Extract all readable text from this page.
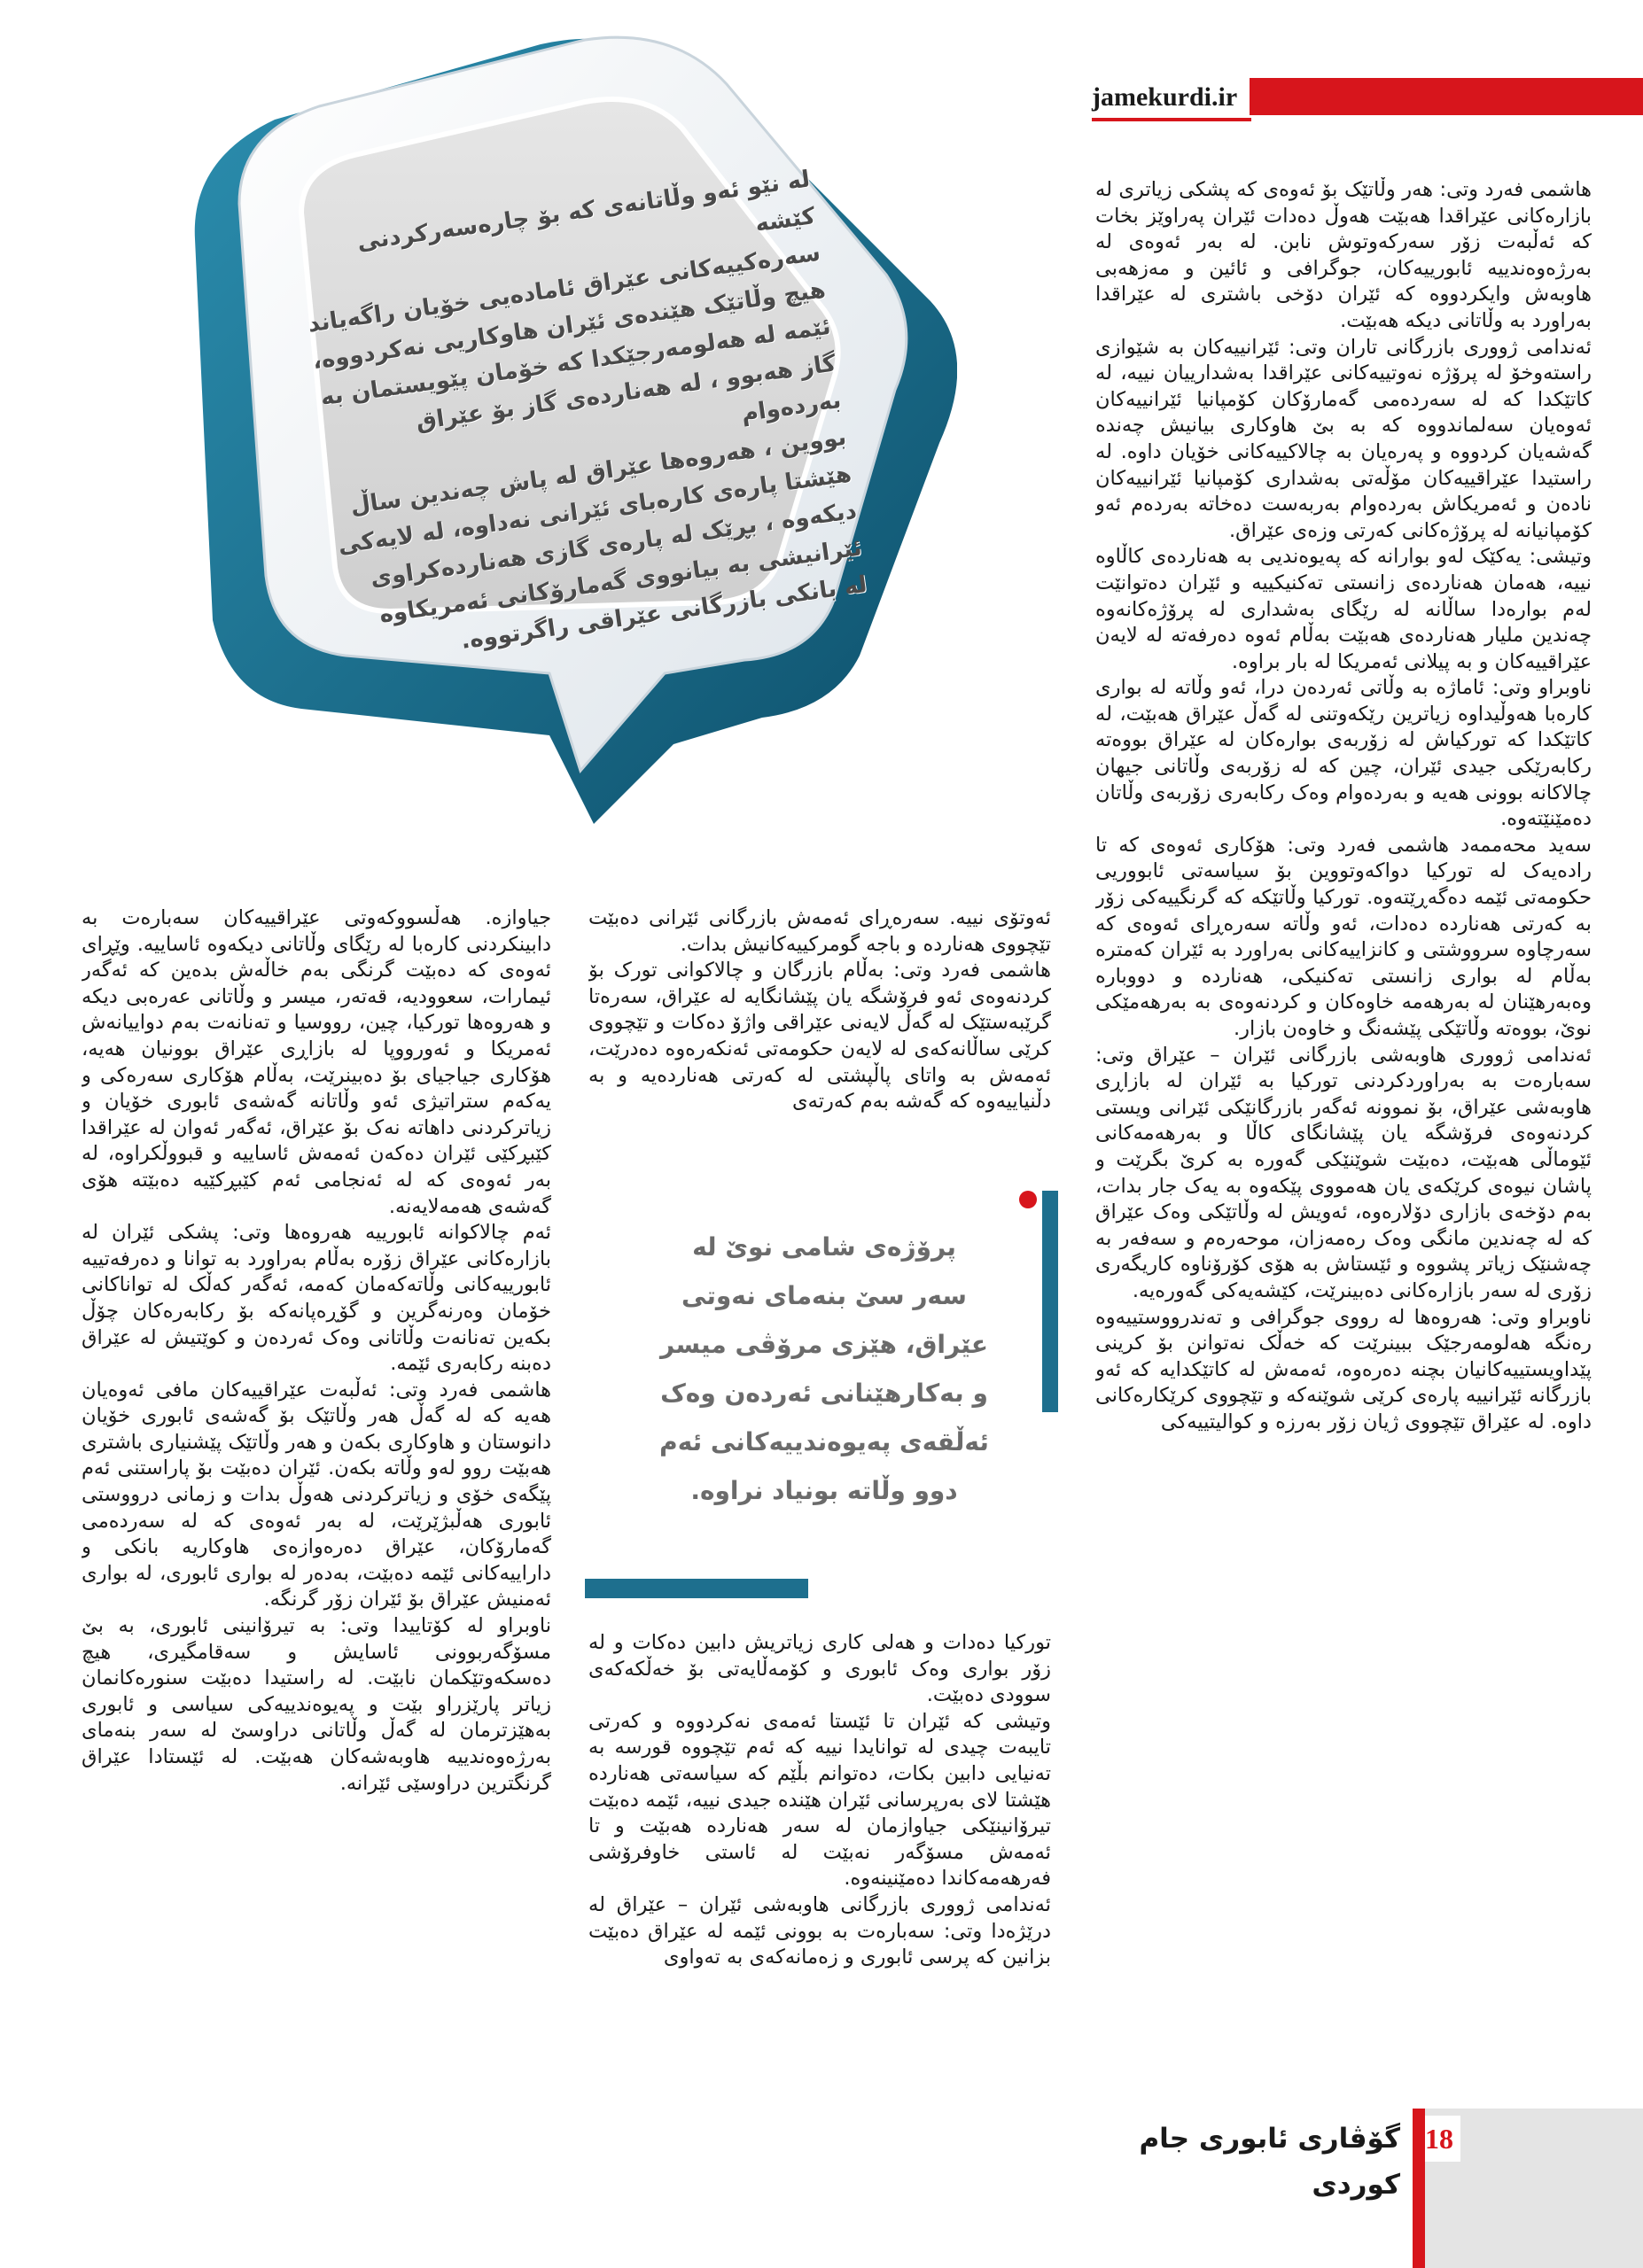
jamekurdi.ir
لە نێو ئەو وڵاتانەی کە بۆ چارەسەرکردنی کێشە
سەرەکییەکانی عێراق ئامادەیی خۆیان راگەیاند
هیچ وڵاتێک هێندەی ئێران هاوکاریی نەکردووە،
ئێمە لە هەلومەرجێکدا کە خۆمان پێویستمان بە
گاز هەبوو ، لە هەناردەی گاز بۆ عێراق بەردەوام
بووین ، هەروەها عێراق لە پاش چەندین ساڵ
هێشتا پارەی کارەبای ئێرانی نەداوە، لە لایەکی
دیکەوە ، بڕێک لە پارەی گازی هەناردەکراوی
ئێرانیشی بە بیانووی گەمارۆکانی ئەمریکاوە
لە بانکی بازرگانی عێراقی راگرتووە.

هاشمی فەرد وتی: هەر وڵاتێک بۆ ئەوەی کە پشکی زیاتری لە بازارەکانی عێراقدا هەبێت هەوڵ دەدات ئێران پەراوێز بخات کە ئەڵبەت زۆر سەرکەوتوش نابن. لە بەر ئەوەی لە بەرژەوەندییە ئابورییەکان، جوگرافی و ئائین و مەزهەبی هاوبەش وایکردووە کە ئێران دۆخی باشتری لە عێراقدا بەراورد بە وڵاتانی دیکە هەبێت.

ئەندامی ژووری بازرگانی تاران وتی: ئێرانییەکان بە شێوازی راستەوخۆ لە پرۆژە نەوتییەکانی عێراقدا بەشداریيان نییە، لە کاتێکدا کە لە سەردەمی گەمارۆکان کۆمپانیا ئێرانییەکان ئەوەیان سەلماندووە کە بە بێ هاوکاری بیانیش چەندە گەشەیان کردووە و پەرەیان بە چالاکییەکانی خۆیان داوە. لە راستیدا عێراقییەکان مۆڵەتی بەشداری کۆمپانیا ئێرانییەکان نادەن و ئەمریکاش بەردەوام بەربەست دەخاتە بەردەم ئەو کۆمپانیانە لە پرۆژەکانی کەرتی وزەی عێراق.

وتیشی: یەکێک لەو بوارانە کە پەیوەندیی بە هەناردەی کاڵاوە نییە، هەمان هەناردەی زانستی تەکنیکییە و ئێران دەتوانێت لەم بوارەدا ساڵانە لە رێگای بەشداری لە پرۆژەکانەوە چەندین ملیار هەناردەی هەبێت بەڵام ئەوە دەرفەتە لە لایەن عێراقییەکان و بە پیلانی ئەمریکا لە بار براوە.

ناوبراو وتی: ئاماژە بە وڵاتی ئەردەن درا، ئەو وڵاتە لە بواری کارەبا هەوڵیداوە زیاترین رێکەوتنی لە گەڵ عێراق هەبێت، لە کاتێکدا کە تورکیاش لە زۆربەی بوارەکان لە عێراق بووەتە رکابەرێکی جیدی ئێران، چین کە لە زۆربەی وڵاتانی جیهان چالاکانە بوونی هەیە و بەردەوام وەک رکابەری زۆربەی وڵاتان دەمێنێتەوە.

سەید محەممەد هاشمی فەرد وتی: هۆکاری ئەوەی کە تا رادەیەک لە تورکیا دواکەوتووین بۆ سیاسەتی ئابووریی حکومەتی ئێمە دەگەڕێتەوە. تورکیا وڵاتێکە کە گرنگییەکی زۆر بە کەرتی هەناردە دەدات، ئەو وڵاتە سەرەڕای ئەوەی کە سەرچاوە سرووشتی و کانزاییەکانی بەراورد بە ئێران کەمترە بەڵام لە بواری زانستی تەکنیکی، هەناردە و دووبارە وەبەرهێنان لە بەرهەمە خاوەکان و کردنەوەی بە بەرهەمێکی نوێ، بووەتە وڵاتێکی پێشەنگ و خاوەن بازار.

ئەندامی ژووری هاوبەشی بازرگانی ئێران – عێراق وتی: سەبارەت بە بەراوردکردنی تورکیا بە ئێران لە بازاڕی هاوبەشی عێراق، بۆ نموونە ئەگەر بازرگانێکی ئێرانی ویستی کردنەوەی فرۆشگە یان پێشانگای کاڵا و بەرهەمەکانی ئێوماڵی هەبێت، دەبێت شوێنێکی گەورە بە کرێ بگرێت و پاشان نیوەی کرێکەی یان هەمووی پێکەوە بە یەک جار بدات، بەم دۆخەی بازاری دۆلارەوە، ئەویش لە وڵاتێکی وەک عێراق کە لە چەندین مانگی وەک رەمەزان، موحەرەم و سەفەر بە چەشنێک زیاتر پشووە و ئێستاش بە هۆی کۆرۆناوە کاریگەری زۆری لە سەر بازارەکانی دەبینرێت، کێشەیەکی گەورەیە.

ناوبراو وتی: هەروەها لە رووی جوگرافی و تەندرووستییەوە رەنگە هەلومەرجێک ببینرێت کە خەڵک نەتوانن بۆ کرینی پێداویستییەکانیان بچنە دەرەوە، ئەمەش لە کاتێکدایە کە ئەو بازرگانە ئێرانییە پارەی کرێی شوێنەکە و تێچووی کرێکارەکانی داوە. لە عێراق تێچووی ژیان زۆر بەرزە و کوالیتییەکی

ئەوتۆی نییە. سەرەڕای ئەمەش بازرگانی ئێرانی دەبێت تێچووی هەناردە و باجە گومرکییەکانیش بدات.

هاشمی فەرد وتی: بەڵام بازرگان و چالاکوانی تورک بۆ کردنەوەی ئەو فرۆشگە یان پێشانگایە لە عێراق، سەرەتا گرێبەستێک لە گەڵ لایەنی عێراقی واژۆ دەکات و تێچووی کرێی ساڵانەکەی لە لایەن حکومەتی ئەنکەرەوە دەدرێت، ئەمەش بە واتای پاڵپشتی لە کەرتی هەناردەیە و بە دڵنیاییەوە کە گەشە بەم کەرتەی

پرۆژەی شامی نوێ لە
سەر سێ بنەمای نەوتی
عێراق، هێزی مرۆڤی میسر
و بەکارهێنانی ئەردەن وەک
ئەڵقەی پەیوەندییەکانی ئەم
دوو وڵاتە بونیاد نراوە.

تورکیا دەدات و هەلی کاری زیاتریش دابین دەکات و لە زۆر بواری وەک ئابوری و کۆمەڵایەتی بۆ خەڵکەکەی سوودی دەبێت.

وتیشی کە ئێران تا ئێستا ئەمەی نەکردووە و کەرتی تایبەت چیدی لە توانایدا نییە کە ئەم تێچووە قورسە بە تەنیایی دابین بکات، دەتوانم بڵێم کە سیاسەتی هەناردە هێشتا لای بەرپرسانی ئێران هێندە جیدی نییە، ئێمە دەبێت تیرۆانینێکی جیاوازمان لە سەر هەناردە هەبێت و تا ئەمەش مسۆگەر نەبێت لە ئاستی خاوفرۆشی فەرهەمەکاندا دەمێنینەوە.

ئەندامی ژووری بازرگانی هاوبەشی ئێران – عێراق لە درێژەدا وتی: سەبارەت بە بوونی ئێمە لە عێراق دەبێت بزانین کە پرسی ئابوری و زەمانەکەی بە تەواوی

جیاوازە. هەڵسووکەوتی عێراقییەکان سەبارەت بە دابینکردنی کارەبا لە رێگای وڵاتانی دیکەوە ئاساییە. وێڕای ئەوەی کە دەبێت گرنگی بەم خاڵەش بدەین کە ئەگەر ئیمارات، سعوودیە، قەتەر، میسر و وڵاتانی عەرەبی دیکە و هەروەها تورکیا، چین، رووسیا و تەنانەت بەم دواییانەش ئەمریکا و ئەورووپا لە بازاڕی عێراق بوونیان هەیە، هۆکاری جیاجیای بۆ دەبینرێت، بەڵام هۆکاری سەرەکی و یەکەم ستراتیژی ئەو وڵاتانە گەشەی ئابوری خۆیان و زیاترکردنی داهاتە نەک بۆ عێراق، ئەگەر ئەوان لە عێراقدا کێبڕکێی ئێران دەکەن ئەمەش ئاساییە و قبووڵکراوە، لە بەر ئەوەی کە لە ئەنجامی ئەم کێبڕکێیە دەبێتە هۆی گەشەی هەمەلایەنە.

ئەم چالاکوانە ئابورییە هەروەها وتی: پشکی ئێران لە بازارەکانی عێراق زۆرە بەڵام بەراورد بە توانا و دەرفەتییە ئابورییەکانی وڵاتەکەمان کەمە، ئەگەر کەڵک لە تواناکانی خۆمان وەرنەگرین و گۆڕەپانەکە بۆ رکابەرەکان چۆڵ بکەین تەنانەت وڵاتانی وەک ئەردەن و کوێتیش لە عێراق دەبنە رکابەری ئێمە.

هاشمی فەرد وتی: ئەڵبەت عێراقییەکان مافی ئەوەیان هەیە کە لە گەڵ هەر وڵاتێک بۆ گەشەی ئابوری خۆیان دانوستان و هاوکاری بکەن و هەر وڵاتێک پێشنیاری باشتری هەبێت روو لەو وڵاتە بکەن. ئێران دەبێت بۆ پاراستنی ئەم پێگەی خۆی و زیاترکردنی هەوڵ بدات و زمانی درووستی ئابوری هەڵبژێرێت، لە بەر ئەوەی کە لە سەردەمی گەمارۆکان، عێراق دەرەوازەی هاوکاریە بانکی و داراییەکانی ئێمە دەبێت، بەدەر لە بواری ئابوری، لە بواری ئەمنیش عێراق بۆ ئێران زۆر گرنگە.

ناوبراو لە کۆتاییدا وتی: بە تیرۆانینی ئابوری، بە بێ مسۆگەربوونی ئاسایش و سەقامگیری، هیچ دەسکەوتێکمان نابێت. لە راستیدا دەبێت سنورەکانمان زیاتر پارێزراو بێت و پەیوەندییەکی سیاسی و ئابوری بەهێزترمان لە گەڵ وڵاتانی دراوسێ لە سەر بنەمای بەرژەوەندیيە هاوبەشەکان هەبێت. لە ئێستادا عێراق گرنگترین دراوسێی ئێرانە.

گۆڤاری ئابوری جام کوردی
18
